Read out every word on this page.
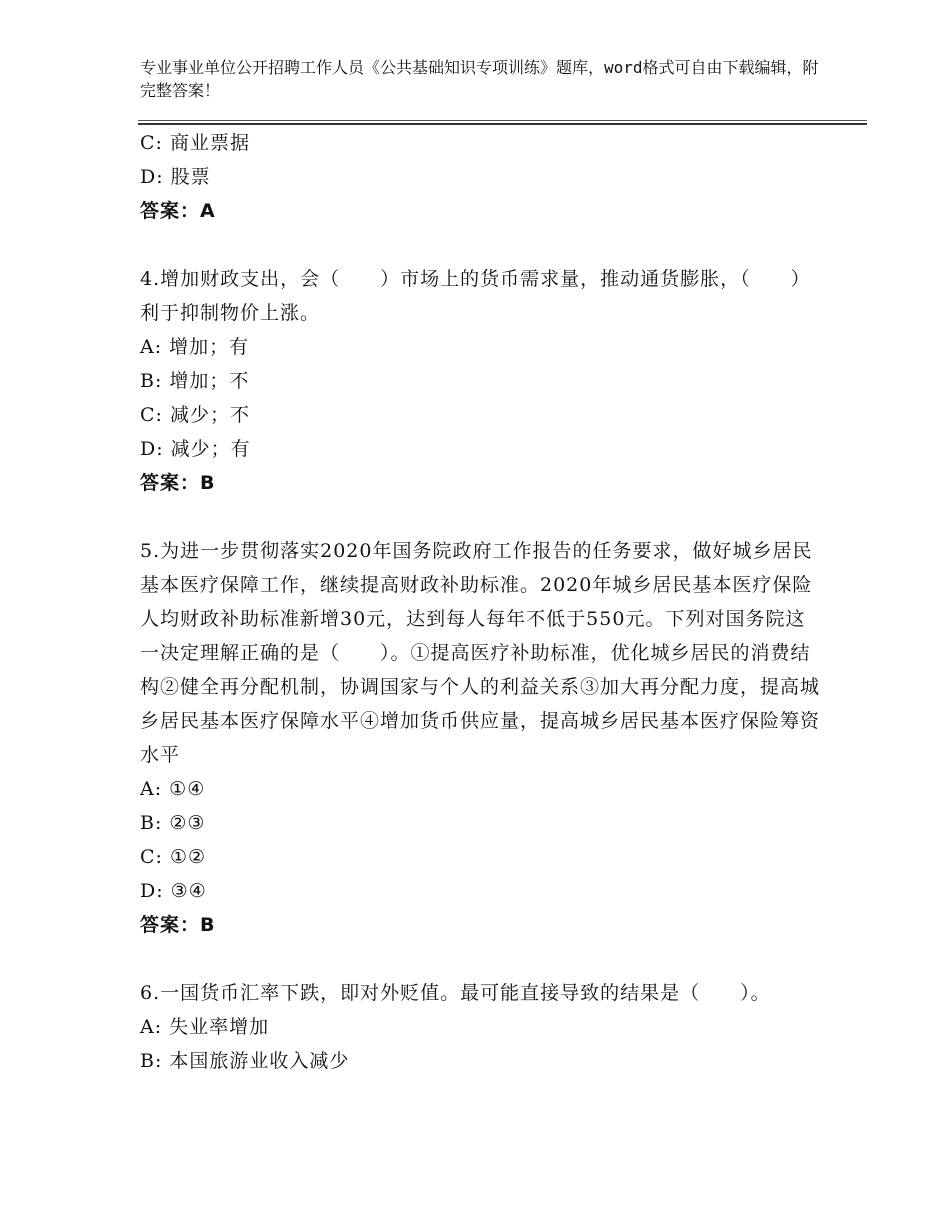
专业事业单位公开招聘工作人员《公共基础知识专项训练》题库，word格式可自由下载编辑，附完整答案！
C: 商业票据
D: 股票
答案：A
4.增加财政支出，会（　　）市场上的货币需求量，推动通货膨胀，（　　）利于抑制物价上涨。
A: 增加；有
B: 增加；不
C: 减少；不
D: 减少；有
答案：B
5.为进一步贯彻落实2020年国务院政府工作报告的任务要求，做好城乡居民基本医疗保障工作，继续提高财政补助标准。2020年城乡居民基本医疗保险人均财政补助标准新增30元，达到每人每年不低于550元。下列对国务院这一决定理解正确的是（　　）。①提高医疗补助标准，优化城乡居民的消费结构②健全再分配机制，协调国家与个人的利益关系③加大再分配力度，提高城乡居民基本医疗保障水平④增加货币供应量，提高城乡居民基本医疗保险筹资水平
A: ①④
B: ②③
C: ①②
D: ③④
答案：B
6.一国货币汇率下跌，即对外贬值。最可能直接导致的结果是（　　）。
A: 失业率增加
B: 本国旅游业收入减少
